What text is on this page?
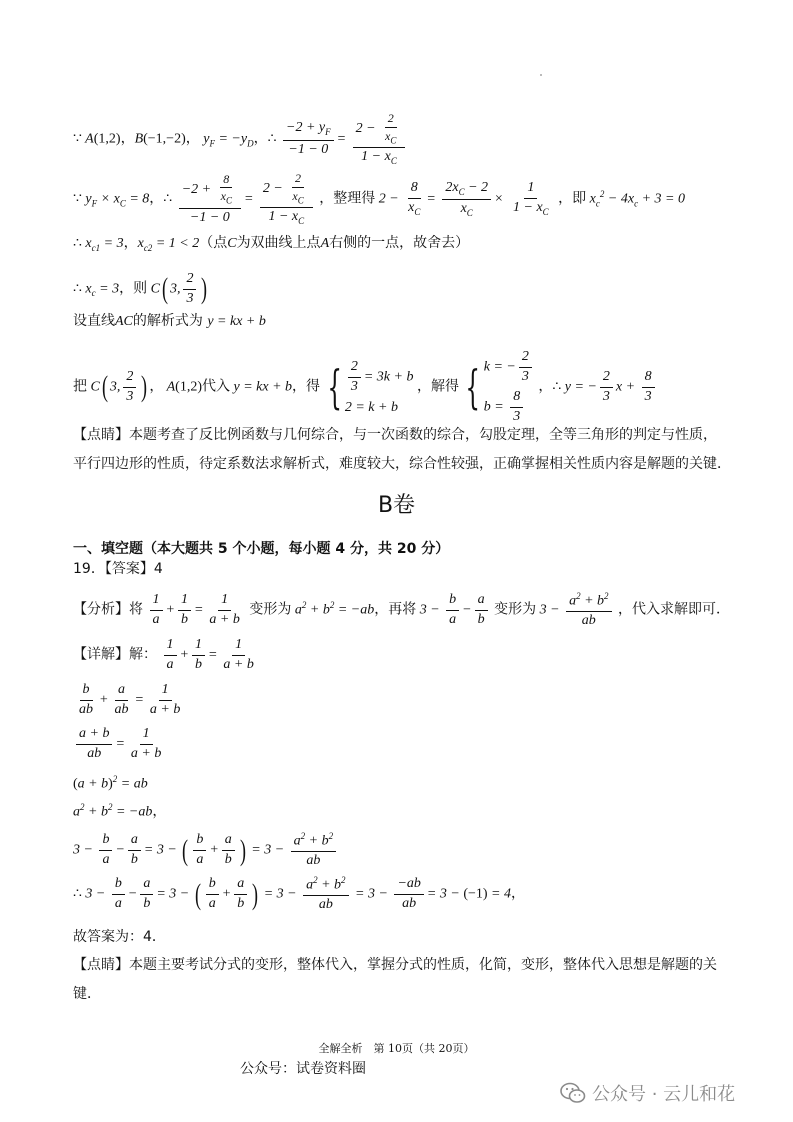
∵ A(1,2)，B(−1,−2)， $y_F = -y_D$，∴ $\frac{-2 + y_F}{-1 - 0} = \frac{2 - \frac{2}{x_C}}{1 - x_C}$
∵ $y_F \times x_C = 8$，∴ $\frac{-2 + \frac{8}{x_C}}{-1 - 0} = \frac{2 - \frac{2}{x_C}}{1 - x_C}$ ，整理得 $2 - \frac{8}{x_C} = \frac{2x_C - 2}{x_C} \times \frac{1}{1 - x_C}$ ，即 $x_c^2 - 4x_c + 3 = 0$
∴ $x_{c1} = 3$，$x_{c2} = 1 < 2$（点C为双曲线上点A右侧的一点，故舍去）
∴ $x_c = 3$，则 C( 3, $\frac{2}{3}$ )
设直线AC的解析式为 y = kx + b
把 C( 3, $\frac{2}{3}$ ) ， A(1,2)代入 y = kx + b，得 { $\frac{2}{3} = 3k + b$
2 = k + b
，解得 { k = − $\frac{2}{3}$
$b = \frac{8}{3}$
，∴ y = − $\frac{2}{3}$ $x + \frac{8}{3}$
【点睛】本题考查了反比例函数与几何综合，与一次函数的综合，勾股定理，全等三角形的判定与性质，
平行四边形的性质，待定系数法求解析式，难度较大，综合性较强，正确掌握相关性质内容是解题的关键．
B卷
一、填空题（本大题共 5 个小题，每小题 4 分，共 20 分）
19．【答案】4
【分析】将 $\frac{1}{a} + \frac{1}{b} = \frac{1}{a + b}$ 变形为 $a^2 + b^2 = -ab$，再将 $3 - \frac{b}{a} - \frac{a}{b}$ 变形为 $3 - \frac{a^2 + b^2}{ab}$ ，代入求解即可．
【详解】解： $\frac{1}{a} + \frac{1}{b} = \frac{1}{a + b}$
$\frac{b}{ab} + \frac{a}{ab} = \frac{1}{a + b}$
$\frac{a + b}{ab} = \frac{1}{a + b}$
$(a + b)^2$ = ab
$a^2 + b^2 = -ab$，
$3 - \frac{b}{a} - \frac{a}{b} = 3$ − ( $\frac{b}{a} + \frac{a}{b}$ ) = $3 - \frac{a^2 + b^2}{ab}$
∴ $3 - \frac{b}{a} - \frac{a}{b} = 3$ − ( $\frac{b}{a} + \frac{a}{b}$ ) = $3 - \frac{a^2 + b^2}{ab} = 3 - \frac{-ab}{ab} = 3 - (-1) = 4$，
故答案为：4．
【点睛】本题主要考试分式的变形，整体代入，掌握分式的性质，化简，变形，整体代入思想是解题的关
键．
全解全析　第 10页（共 20页）
公众号：试卷资料圈
公众号 · 云儿和花
